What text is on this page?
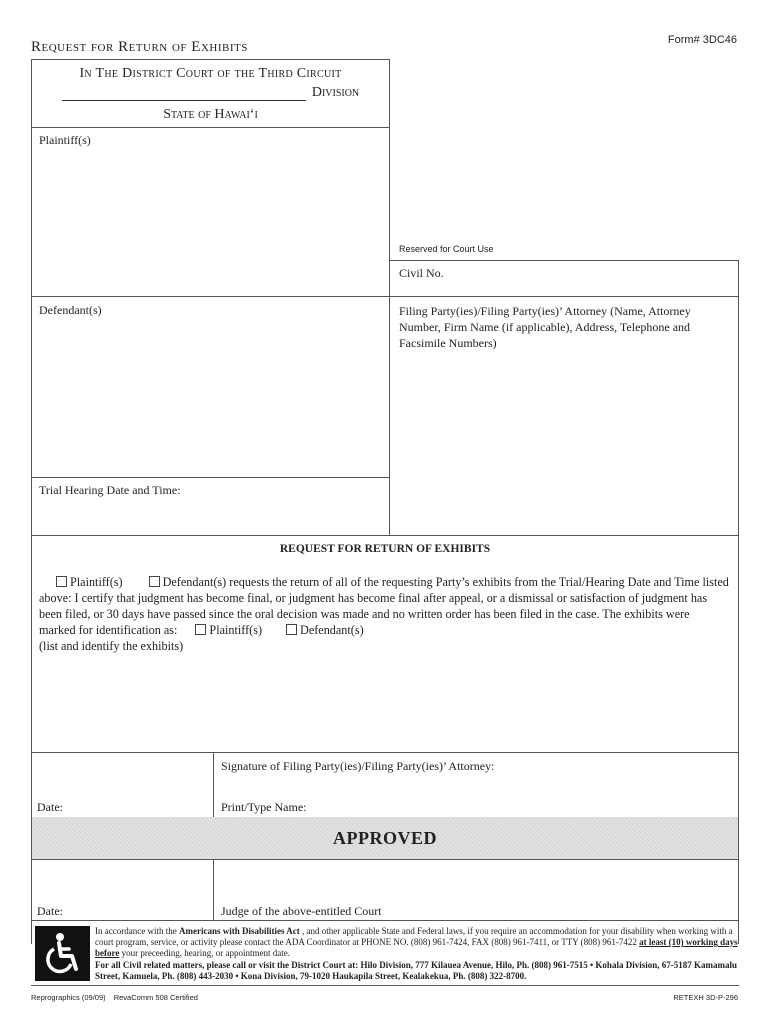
Request for Return of Exhibits	Form# 3DC46
In The District Court of the Third Circuit
Division
State of Hawaiʻi
Plaintiff(s)
Reserved for Court Use
Civil No.
Defendant(s)	Filing Party(ies)/Filing Party(ies)’ Attorney (Name, Attorney Number, Firm Name (if applicable), Address, Telephone and Facsimile Numbers)
Trial Hearing Date and Time:
REQUEST FOR RETURN OF EXHIBITS
Plaintiff(s)	Defendant(s) requests the return of all of the requesting Party’s exhibits from the Trial/Hearing Date and Time listed above: I certify that judgment has become final, or judgment has become final after appeal, or a dismissal or satisfaction of judgment has been filed, or 30 days have passed since the oral decision was made and no written order has been filed in the case. The exhibits were marked for identification as:	Plaintiff(s)	Defendant(s)
(list and identify the exhibits)
Signature of Filing Party(ies)/Filing Party(ies)’ Attorney:
Date:	Print/Type Name:
APPROVED
Date:	Judge of the above-entitled Court
In accordance with the Americans with Disabilities Act , and other applicable State and Federal laws, if you require an accommodation for your disability when working with a court program, service, or activity please contact the ADA Coordinator at PHONE NO. (808) 961-7424, FAX (808) 961-7411, or TTY (808) 961-7422 at least (10) working days before your preceeding, hearing, or appointment date.
For all Civil related matters, please call or visit the District Court at: Hilo Division, 777 Kilauea Avenue, Hilo, Ph. (808) 961-7515 • Kohala Division, 67-5187 Kamamalu Street, Kamuela, Ph. (808) 443-2030 • Kona Division, 79-1020 Haukapila Street, Kealakekua, Ph. (808) 322-8700.
Reprographics (09/09) RevaComm 508 Certified	RETEXH 3D-P-296
